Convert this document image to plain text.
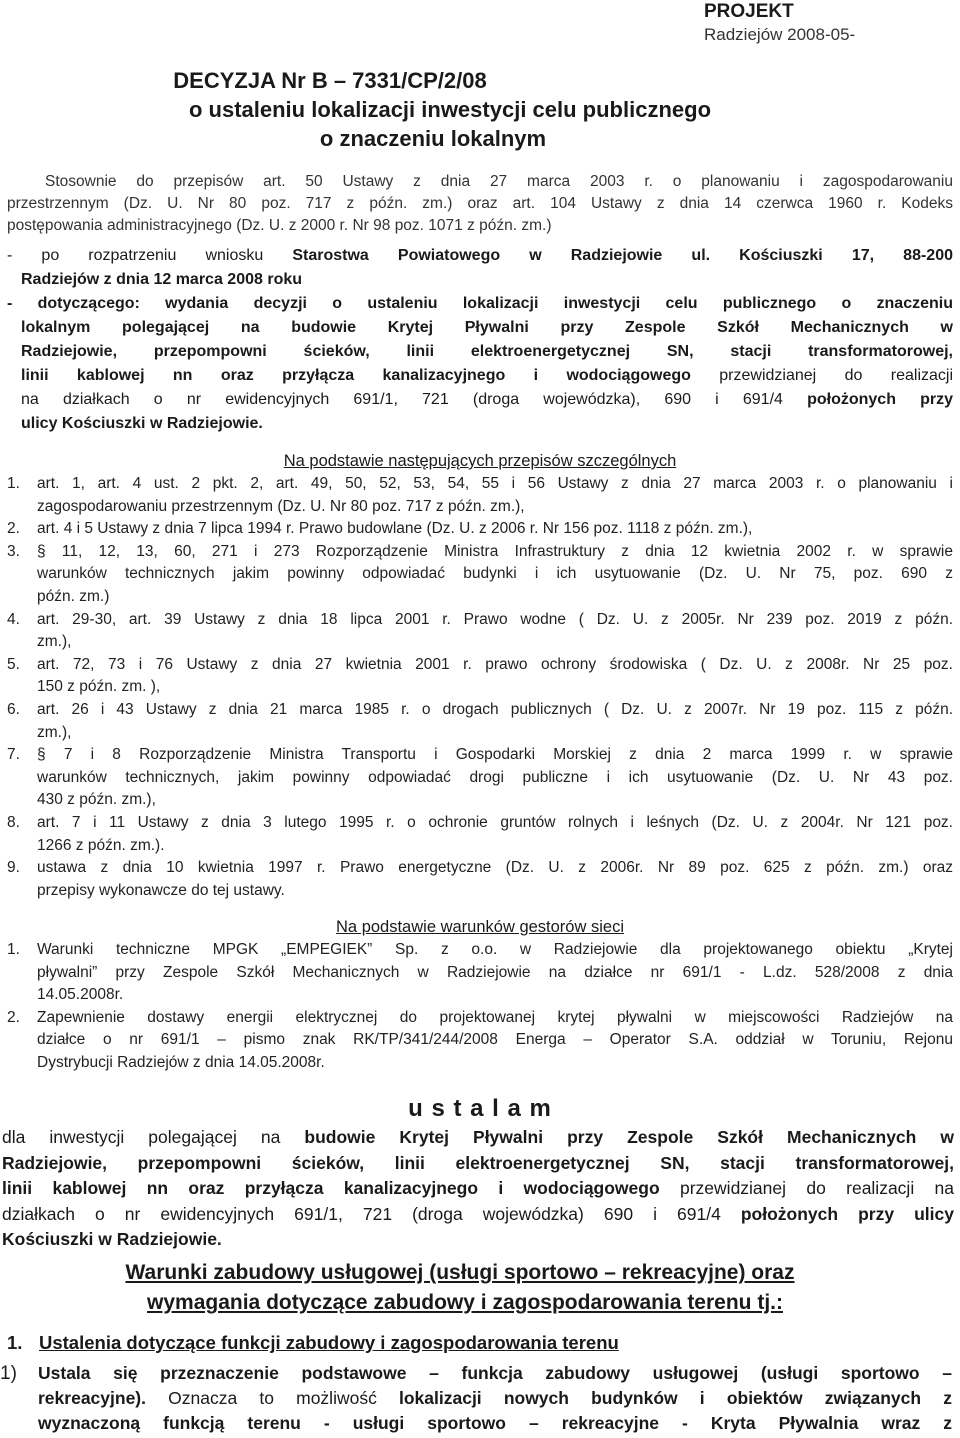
PROJEKT
Radziejów 2008-05-
DECYZJA Nr B – 7331/CP/2/08
o ustaleniu lokalizacji inwestycji celu publicznego
o znaczeniu lokalnym
Stosownie do przepisów art. 50 Ustawy z dnia 27 marca 2003 r. o planowaniu i zagospodarowaniu
przestrzennym (Dz. U. Nr 80 poz. 717 z późn. zm.) oraz art. 104 Ustawy z dnia 14 czerwca 1960 r. Kodeks
postępowania administracyjnego (Dz. U. z 2000 r. Nr 98 poz. 1071 z późn. zm.)
- po rozpatrzeniu wniosku Starostwa Powiatowego w Radziejowie ul. Kościuszki 17, 88-200
Radziejów z dnia 12 marca 2008 roku
- dotyczącego: wydania decyzji o ustaleniu lokalizacji inwestycji celu publicznego o znaczeniu
lokalnym polegającej na budowie Krytej Pływalni przy Zespole Szkół Mechanicznych w
Radziejowie, przepompowni ścieków, linii elektroenergetycznej SN, stacji transformatorowej,
linii kablowej nn oraz przyłącza kanalizacyjnego i wodociągowego przewidzianej do realizacji
na działkach o nr ewidencyjnych 691/1, 721 (droga wojewódzka), 690 i 691/4 położonych przy
ulicy Kościuszki w Radziejowie.
Na podstawie następujących przepisów szczególnych
1. art. 1, art. 4 ust. 2 pkt. 2, art. 49, 50, 52, 53, 54, 55 i 56 Ustawy z dnia 27 marca 2003 r. o planowaniu i
zagospodarowaniu przestrzennym (Dz. U. Nr 80 poz. 717 z późn. zm.),
2. art. 4 i 5 Ustawy z dnia 7 lipca 1994 r. Prawo budowlane (Dz. U. z 2006 r. Nr 156 poz. 1118 z późn. zm.),
3. § 11, 12, 13, 60, 271 i 273 Rozporządzenie Ministra Infrastruktury z dnia 12 kwietnia 2002 r. w sprawie
warunków technicznych jakim powinny odpowiadać budynki i ich usytuowanie (Dz. U. Nr 75, poz. 690 z
późn. zm.)
4. art. 29-30, art. 39 Ustawy z dnia 18 lipca 2001 r. Prawo wodne ( Dz. U. z 2005r. Nr 239 poz. 2019 z późn.
zm.),
5. art. 72, 73 i 76 Ustawy z dnia 27 kwietnia 2001 r. prawo ochrony środowiska ( Dz. U. z 2008r. Nr 25 poz.
150 z późn. zm. ),
6. art. 26 i 43 Ustawy z dnia 21 marca 1985 r. o drogach publicznych ( Dz. U. z 2007r. Nr 19 poz. 115 z późn.
zm.),
7. § 7 i 8 Rozporządzenie Ministra Transportu i Gospodarki Morskiej z dnia 2 marca 1999 r. w sprawie
warunków technicznych, jakim powinny odpowiadać drogi publiczne i ich usytuowanie (Dz. U. Nr 43 poz.
430 z późn. zm.),
8. art. 7 i 11 Ustawy z dnia 3 lutego 1995 r. o ochronie gruntów rolnych i leśnych (Dz. U. z 2004r. Nr 121 poz.
1266 z późn. zm.).
9. ustawa z dnia 10 kwietnia 1997 r. Prawo energetyczne (Dz. U. z 2006r. Nr 89 poz. 625 z późn. zm.) oraz
przepisy wykonawcze do tej ustawy.
Na podstawie warunków gestorów sieci
1. Warunki techniczne MPGK „EMPEGIEK” Sp. z o.o. w Radziejowie dla projektowanego obiektu „Krytej
pływalni” przy Zespole Szkół Mechanicznych w Radziejowie na działce nr 691/1 - L.dz. 528/2008 z dnia
14.05.2008r.
2. Zapewnienie dostawy energii elektrycznej do projektowanej krytej pływalni w miejscowości Radziejów na
działce o nr 691/1 – pismo znak RK/TP/341/244/2008 Energa – Operator S.A. oddział w Toruniu, Rejonu
Dystrybucji Radziejów z dnia 14.05.2008r.
u s t a l a m
dla inwestycji polegającej na budowie Krytej Pływalni przy Zespole Szkół Mechanicznych w
Radziejowie, przepompowni ścieków, linii elektroenergetycznej SN, stacji transformatorowej,
linii kablowej nn oraz przyłącza kanalizacyjnego i wodociągowego przewidzianej do realizacji na
działkach o nr ewidencyjnych 691/1, 721 (droga wojewódzka) 690 i 691/4 położonych przy ulicy
Kościuszki w Radziejowie.
Warunki zabudowy usługowej (usługi sportowo – rekreacyjne) oraz
wymagania dotyczące zabudowy i zagospodarowania terenu tj.:
1. Ustalenia dotyczące funkcji zabudowy i zagospodarowania terenu
1) Ustala się przeznaczenie podstawowe – funkcja zabudowy usługowej (usługi sportowo –
rekreacyjne). Oznacza to możliwość lokalizacji nowych budynków i obiektów związanych z
wyznaczoną funkcją terenu - usługi sportowo – rekreacyjne - Kryta Pływalnia wraz z
